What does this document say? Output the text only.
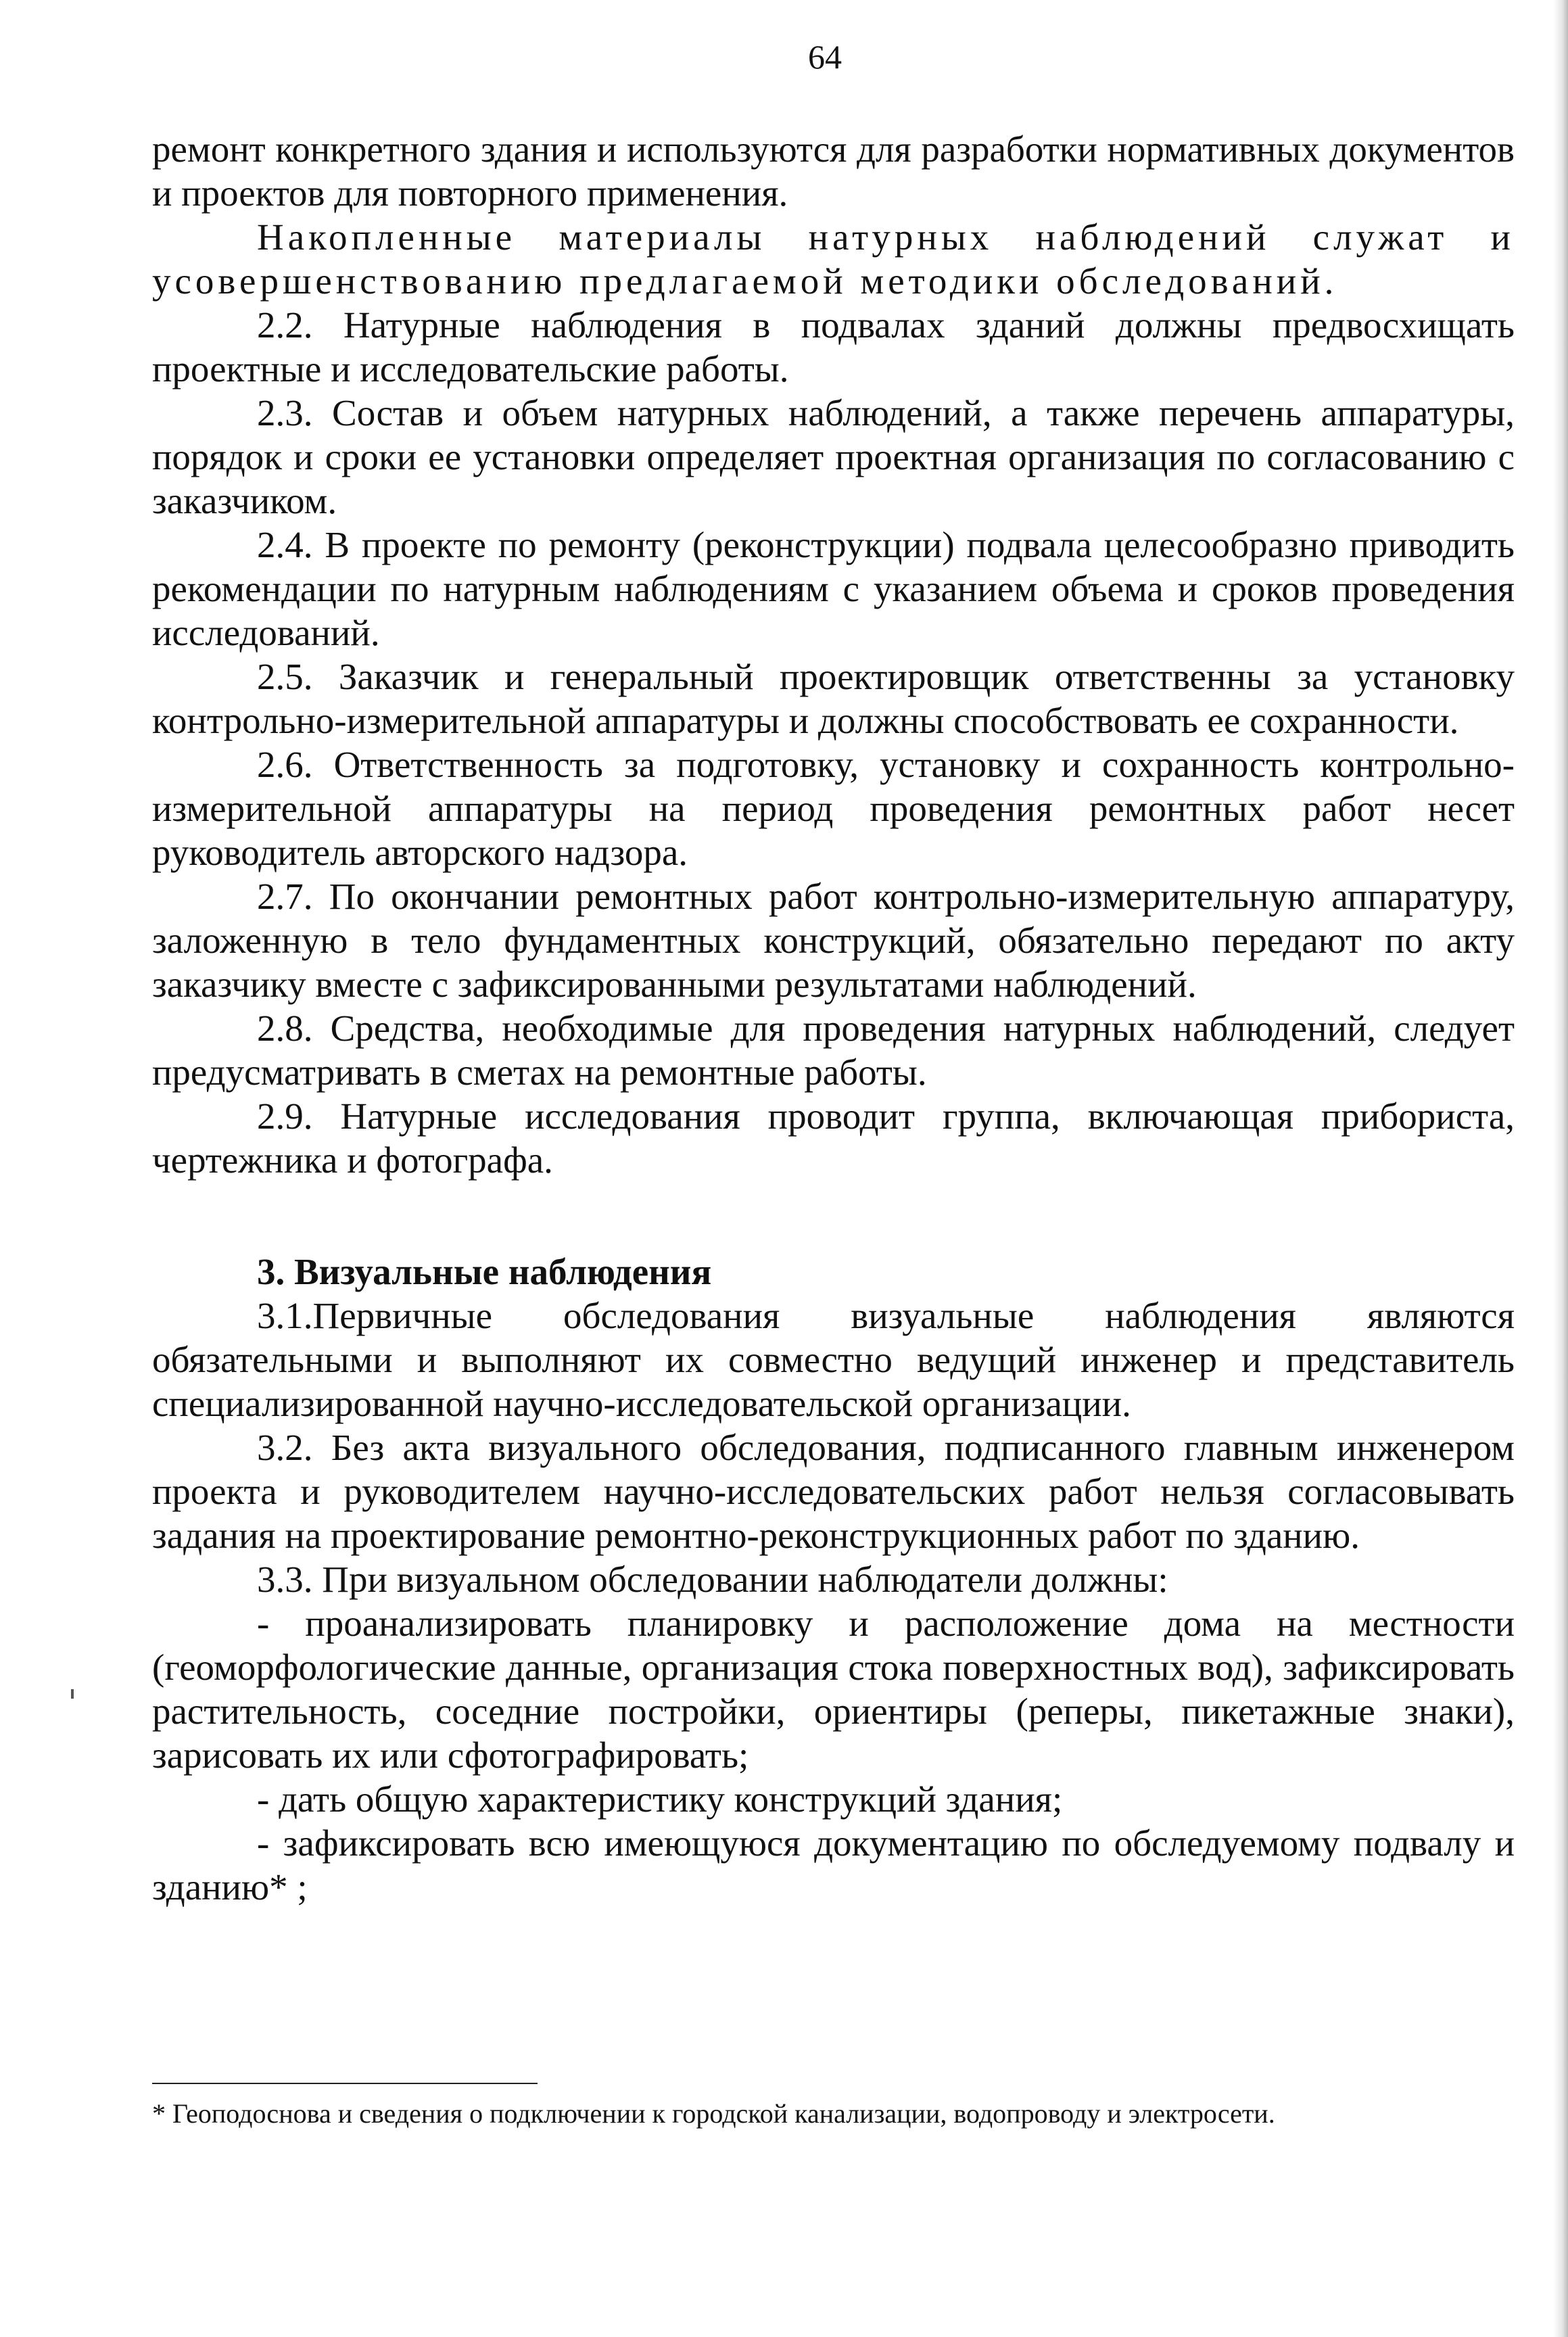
64

ремонт конкретного здания и используются для разработки нормативных документов и проектов для повторного применения.

Накопленные материалы натурных наблюдений служат и усовершенствованию предлагаемой методики обследований.

2.2. Натурные наблюдения в подвалах зданий должны предвосхищать проектные и исследовательские работы.

2.3. Состав и объем натурных наблюдений, а также перечень аппаратуры, порядок и сроки ее установки определяет проектная организация по согласованию с заказчиком.

2.4. В проекте по ремонту (реконструкции) подвала целесообразно приводить рекомендации по натурным наблюдениям с указанием объема и сроков проведения исследований.

2.5. Заказчик и генеральный проектировщик ответственны за установку контрольно-измерительной аппаратуры и должны способствовать ее сохранности.

2.6. Ответственность за подготовку, установку и сохранность контрольно-измерительной аппаратуры на период проведения ремонтных работ несет руководитель авторского надзора.

2.7. По окончании ремонтных работ контрольно-измерительную аппаратуру, заложенную в тело фундаментных конструкций, обязательно передают по акту заказчику вместе с зафиксированными результатами наблюдений.

2.8. Средства, необходимые для проведения натурных наблюдений, следует предусматривать в сметах на ремонтные работы.

2.9. Натурные исследования проводит группа, включающая прибориста, чертежника и фотографа.

3. Визуальные наблюдения

3.1.Первичные обследования визуальные наблюдения являются обязательными и выполняют их совместно ведущий инженер и представитель специализированной научно-исследовательской организации.

3.2. Без акта визуального обследования, подписанного главным инженером проекта и руководителем научно-исследовательских работ нельзя согласовывать задания на проектирование ремонтно-реконструкционных работ по зданию.

3.3. При визуальном обследовании наблюдатели должны:

- проанализировать планировку и расположение дома на местности (геоморфологические данные, организация стока поверхностных вод), зафиксировать растительность, соседние постройки, ориентиры (реперы, пикетажные знаки), зарисовать их или сфотографировать;

- дать общую характеристику конструкций здания;

- зафиксировать всю имеющуюся документацию по обследуемому подвалу и зданию* ;

* Геоподоснова и сведения о подключении к городской канализации, водопроводу и электросети.
